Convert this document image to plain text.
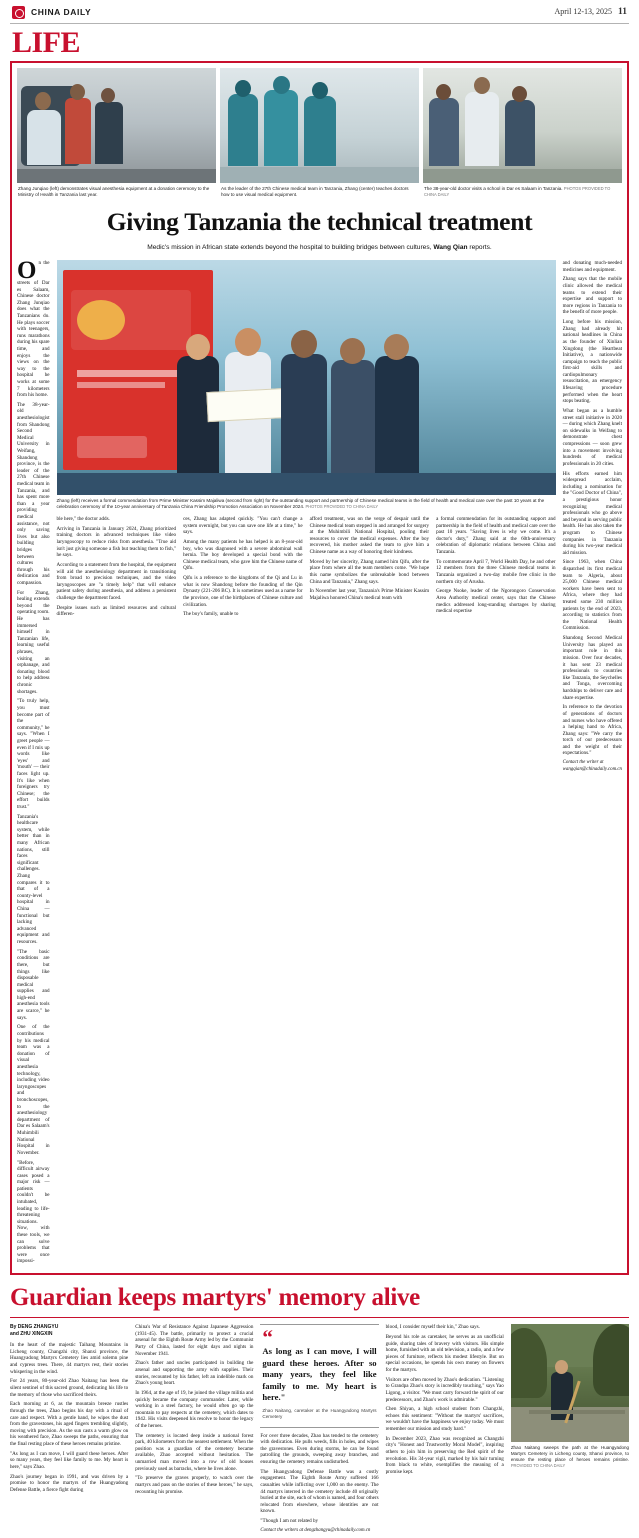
CHINA DAILY	April 12-13, 2025 11
LIFE
Zhang Junqiao (left) demonstrates visual anesthesia equipment at a donation ceremony to the Ministry of Health in Tanzania last year.
As the leader of the 27th Chinese medical team in Tanzania, Zhang (center) teaches doctors how to use visual medical equipment.
The 38-year-old doctor visits a school in Dar es Salaam in Tanzania. PHOTOS PROVIDED TO CHINA DAILY
Giving Tanzania the technical treatment
Medic's mission in African state extends beyond the hospital to building bridges between cultures, Wang Qian reports.

On the streets of Dar es Salaam, Chinese doctor Zhang Junqiao does what the Tanzanians do. He plays soccer with teenagers, runs marathons during his spare time, and enjoys the views on the way to the hospital he works at some 7 kilometers from his home.

The 38-year-old anesthesiologist from Shandong Second Medical University in Weifang, Shandong province, is the leader of the 27th Chinese medical team in Tanzania, and has spent more than a year providing medical assistance, not only saving lives but also building bridges between cultures through his dedication and compassion.

For Zhang, healing extends beyond the operating room. He has immersed himself in Tanzanian life, learning useful phrases, visiting an orphanage, and donating blood to help address chronic shortages.

"To truly help, you must become part of the community," he says. "When I greet people — even if I mix up words like 'eyes' and 'mouth' — their faces light up. It's like when foreigners try Chinese; the effort builds trust."

Tanzania's healthcare system, while better than in many African nations, still faces significant challenges. Zhang compares it to that of a county-level hospital in China — functional but lacking advanced equipment and resources.

"The basic conditions are there, but things like disposable medical supplies and high-end anesthesia tools are scarce," he says.

One of the contributions by his medical team was a donation of visual anesthesia technology, including video laryngoscopes and bronchoscopes, to the anesthesiology department of Dar es Salaam's Muhimbili National Hospital in November.

"Before, difficult airway cases posed a major risk — patients couldn't be intubated, leading to life-threatening situations. Now, with these tools, we can solve problems that were once impossi-

Zhang (left) receives a formal commendation from Prime Minister Kassim Majaliwa (second from right) for the outstanding support and partnership of Chinese medical teams in the field of health and medical care over the past 10 years at the celebration ceremony of the 10-year anniversary of Tanzania China Friendship Promotion Association on November 2024. PHOTOS PROVIDED TO CHINA DAILY

ble here," the doctor adds.

Arriving in Tanzania in January 2024, Zhang prioritized training doctors in advanced techniques like video laryngoscopy to reduce risks from anesthesia. "True aid isn't just giving someone a fish but teaching them to fish," he says.

According to a statement from the hospital, the equipment will aid the anesthesiology department in transitioning from broad to precision techniques, and the video laryngoscopes are "a timely help" that will enhance patient safety during anesthesia, and address a persistent challenge the department faced.

Despite issues such as limited resources and cultural differen-

ces, Zhang has adapted quickly. "You can't change a system overnight, but you can save one life at a time," he says.

Among the many patients he has helped is an 8-year-old boy, who was diagnosed with a severe abdominal wall hernia. The boy developed a special bond with the Chinese medical team, who gave him the Chinese name of Qifu.

Qifu is a reference to the kingdoms of the Qi and Lu in what is now Shandong before the founding of the Qin Dynasty (221-206 BC). It is sometimes used as a name for the province, one of the birthplaces of Chinese culture and civilization.

The boy's family, unable to

afford treatment, was on the verge of despair until the Chinese medical team stepped in and arranged for surgery at the Muhimbili National Hospital, pooling their resources to cover the medical expenses. After the boy recovered, his mother asked the team to give him a Chinese name as a way of honoring their kindness.

Moved by her sincerity, Zhang named him Qifu, after the place from where all the team members come. "We hope this name symbolizes the unbreakable bond between China and Tanzania," Zhang says.

In November last year, Tanzania's Prime Minister Kassim Majaliwa honored China's medical team with

a formal commendation for its outstanding support and partnership in the field of health and medical care over the past 10 years. "Saving lives is why we come. It's a doctor's duty," Zhang said at the 60th-anniversary celebration of diplomatic relations between China and Tanzania.

To commemorate April 7, World Health Day, he and other 12 members from the three Chinese medical teams in Tanzania organized a two-day mobile free clinic in the northern city of Arusha.

George Nsoke, leader of the Ngorongoro Conservation Area Authority medical center, says that the Chinese medics addressed long-standing shortages by sharing medical expertise

and donating much-needed medicines and equipment.

Zhang says that the mobile clinic allowed the medical teams to extend their expertise and support to more regions in Tanzania to the benefit of more people.

Long before his mission, Zhang had already hit national headlines in China as the founder of Xinlian Xingdong (the Heartbeat Initiative), a nationwide campaign to teach the public first-aid skills and cardiopulmonary resuscitation, an emergency lifesaving procedure performed when the heart stops beating.

What began as a humble street stall initiative in 2020 — during which Zhang knelt on sidewalks in Weifang to demonstrate chest compressions — soon grew into a movement involving hundreds of medical professionals in 20 cities.

His efforts earned him widespread acclaim, including a nomination for the "Good Doctor of China", a prestigious honor recognizing medical professionals who go above and beyond in serving public health. He has also taken the program to Chinese companies in Tanzania during his two-year medical aid mission.

Since 1963, when China dispatched its first medical team to Algeria, about 25,000 Chinese medical workers have been sent to Africa, where they had treated some 230 million patients by the end of 2023, according to statistics from the National Health Commission.

Shandong Second Medical University has played an important role in this mission. Over four decades, it has sent 23 medical professionals to countries like Tanzania, the Seychelles and Tonga, overcoming hardships to deliver care and share expertise.

In reference to the devotion of generations of doctors and nurses who have offered a helping hand to Africa, Zhang says: "We carry the torch of our predecessors and the weight of their expectations."

Contact the writer at wangqian@chinadaily.com.cn

Guardian keeps martyrs' memory alive
By DENG ZHANGYU
and ZHU XINGXIN

In the heart of the majestic Taihang Mountains in Licheng county, Changzhi city, Shanxi province, the Huangyadong Martyrs Cemetery lies amid solemn pine and cypress trees. There, 44 martyrs rest, their stories whispering in the wind.

For 24 years, 80-year-old Zhao Naitang has been the silent sentinel of this sacred ground, dedicating his life to the memory of those who sacrificed theirs.

Each morning at 6, as the mountain breeze rustles through the trees, Zhao begins his day with a ritual of care and respect. With a gentle hand, he wipes the dust from the gravestones, his aged fingers trembling slightly, moving with precision. As the sun casts a warm glow on his weathered face, Zhao sweeps the paths, ensuring that the final resting place of these heroes remains pristine.

"As long as I can move, I will guard these heroes. After so many years, they feel like family to me. My heart is here," says Zhao.

Zhao's journey began in 1991, and was driven by a promise to honor the martyrs of the Huangyadong Defense Battle, a fierce fight during

China's War of Resistance Against Japanese Aggression (1931-45). The battle, primarily to protect a crucial arsenal for the Eighth Route Army led by the Communist Party of China, lasted for eight days and nights in November 1941.

Zhao's father and uncles participated in building the arsenal and supporting the army with supplies. Their stories, recounted by his father, left an indelible mark on Zhao's young heart.

In 1964, at the age of 19, he joined the village militia and quickly became the company commander. Later, while working in a steel factory, he would often go up the mountain to pay respects at the cemetery, which dates to 1942. His visits deepened his resolve to honor the legacy of the heroes.

The cemetery is located deep inside a national forest park, 40 kilometers from the nearest settlement. When the position was a guardian of the cemetery became available, Zhao accepted without hesitation. The unmarried man moved into a row of old houses previously used as barracks, where he lives alone.

"To preserve the graves properly, to watch over the martyrs and pass on the stories of these heroes," he says, recounting his promise.

“
As long as I can move, I will guard these heroes. After so many years, they feel like family to me. My heart is here."
Zhao Naitang, caretaker at the Huangyadong Martyrs Cemetery

For over three decades, Zhao has tended to the cemetery with dedication. He pulls weeds, fills in holes, and wipes the gravestones. Even during storms, he can be found patrolling the grounds, sweeping away branches, and ensuring the cemetery remains undisturbed.

The Huangyadong Defense Battle was a costly engagement. The Eighth Route Army suffered 166 casualties while inflicting over 1,000 on the enemy. The 44 martyrs interred in the cemetery include 40 originally buried at the site, each of whom is named, and four others relocated from elsewhere, whose identities are not known.

"Though I am not related by

Contact the writers at dengzhangyu@chinadaily.com.cn

blood, I consider myself their kin," Zhao says.

Beyond his role as caretaker, he serves as an unofficial guide, sharing tales of bravery with visitors. His simple home, furnished with an old television, a radio, and a few pieces of furniture, reflects his modest lifestyle. But on special occasions, he spends his own money on flowers for the martyrs.

Visitors are often moved by Zhao's dedication. "Listening to Grandpa Zhao's story is incredibly touching," says Yao Ligong, a visitor. "We must carry forward the spirit of our predecessors, and Zhao's work is admirable."

Chen Shiyan, a high school student from Changzhi, echoes this sentiment: "Without the martyrs' sacrifices, we wouldn't have the happiness we enjoy today. We must remember our mission and study hard."

In December 2023, Zhao was recognized as Changzhi city's "Honest and Trustworthy Moral Model", inspiring others to join him in preserving the Red spirit of the revolution. His 34-year vigil, marked by his hair turning from black to white, exemplifies the meaning of a promise kept.

Zhao Naitang sweeps the path at the Huangyadong Martyrs Cemetery in Licheng county, Shanxi province, to ensure the resting place of heroes remains pristine. PROVIDED TO CHINA DAILY
